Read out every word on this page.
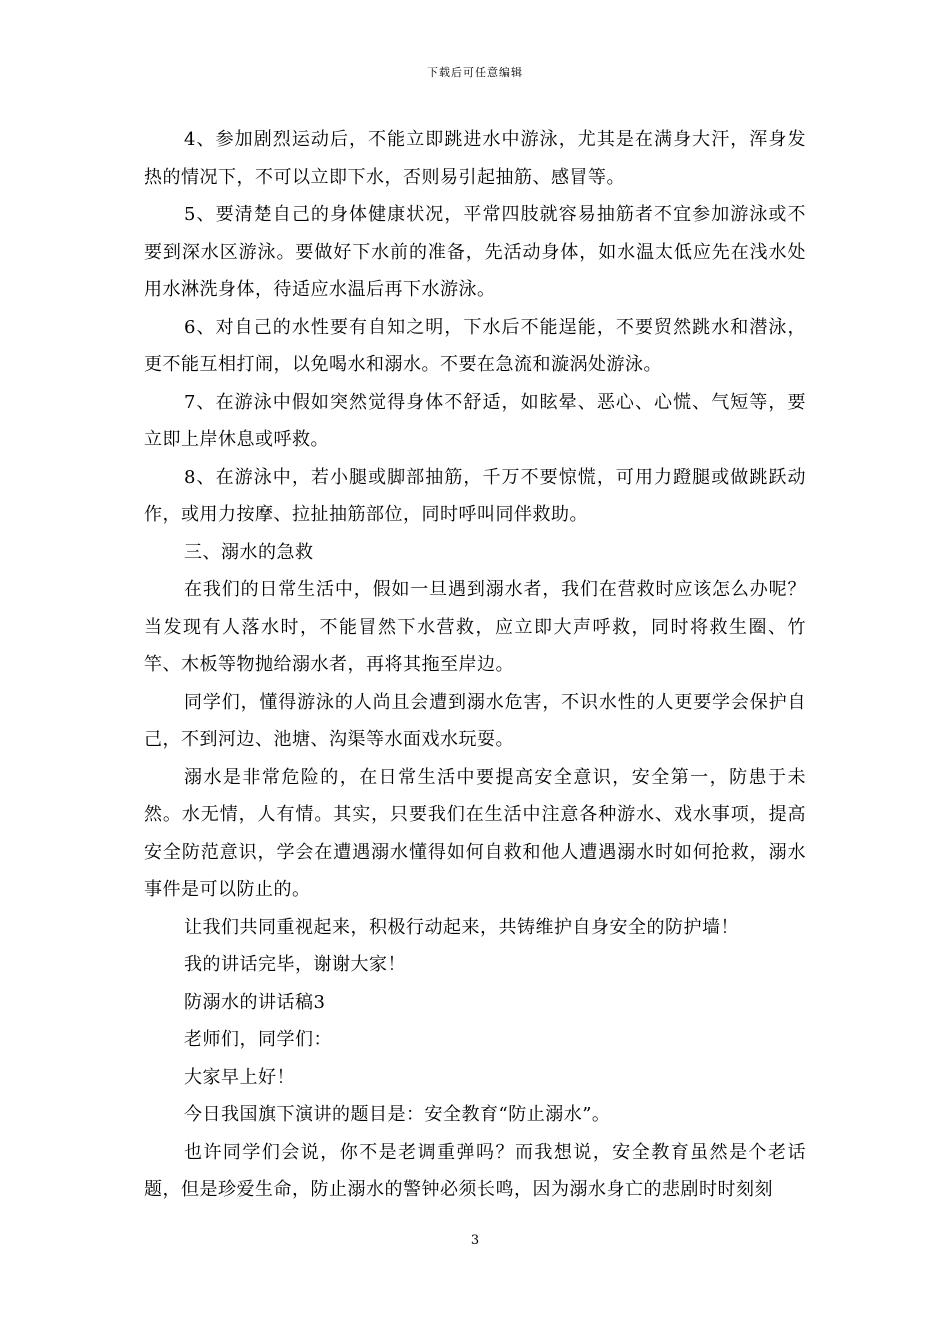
下载后可任意编辑

4、参加剧烈运动后，不能立即跳进水中游泳，尤其是在满身大汗，浑身发热的情况下，不可以立即下水，否则易引起抽筋、感冒等。

5、要清楚自己的身体健康状况，平常四肢就容易抽筋者不宜参加游泳或不要到深水区游泳。要做好下水前的准备，先活动身体，如水温太低应先在浅水处用水淋洗身体，待适应水温后再下水游泳。

6、对自己的水性要有自知之明，下水后不能逞能，不要贸然跳水和潜泳，更不能互相打闹，以免喝水和溺水。不要在急流和漩涡处游泳。

7、在游泳中假如突然觉得身体不舒适，如眩晕、恶心、心慌、气短等，要立即上岸休息或呼救。

8、在游泳中，若小腿或脚部抽筋，千万不要惊慌，可用力蹬腿或做跳跃动作，或用力按摩、拉扯抽筋部位，同时呼叫同伴救助。

三、溺水的急救

在我们的日常生活中，假如一旦遇到溺水者，我们在营救时应该怎么办呢？当发现有人落水时，不能冒然下水营救，应立即大声呼救，同时将救生圈、竹竿、木板等物抛给溺水者，再将其拖至岸边。

同学们，懂得游泳的人尚且会遭到溺水危害，不识水性的人更要学会保护自己，不到河边、池塘、沟渠等水面戏水玩耍。

溺水是非常危险的，在日常生活中要提高安全意识，安全第一，防患于未然。水无情，人有情。其实，只要我们在生活中注意各种游水、戏水事项，提高安全防范意识，学会在遭遇溺水懂得如何自救和他人遭遇溺水时如何抢救，溺水事件是可以防止的。

让我们共同重视起来，积极行动起来，共铸维护自身安全的防护墙！

我的讲话完毕，谢谢大家！

防溺水的讲话稿3

老师们，同学们：

大家早上好！

今日我国旗下演讲的题目是：安全教育“防止溺水”。

也许同学们会说，你不是老调重弹吗？而我想说，安全教育虽然是个老话题，但是珍爱生命，防止溺水的警钟必须长鸣，因为溺水身亡的悲剧时时刻刻

3
